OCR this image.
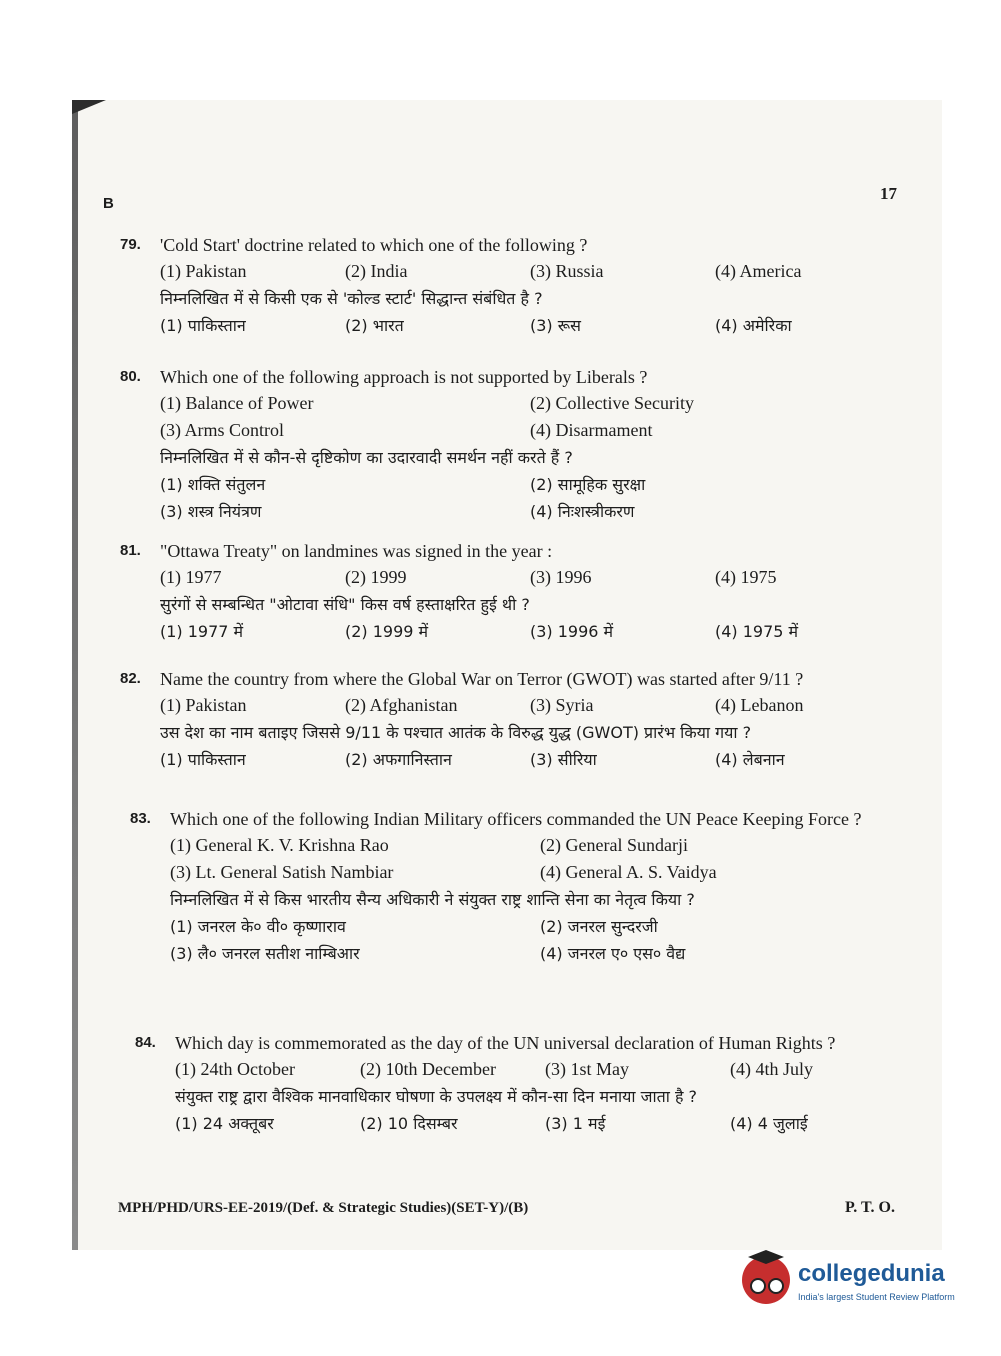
B
17
79.	'Cold Start' doctrine related to which one of the following ?
(1) Pakistan	(2) India	(3) Russia	(4) America
निम्नलिखित में से किसी एक से 'कोल्ड स्टार्ट' सिद्धान्त संबंधित है ?
(1) पाकिस्तान	(2) भारत	(3) रूस	(4) अमेरिका
80.	Which one of the following approach is not supported by Liberals ?
(1) Balance of Power	(2) Collective Security
(3) Arms Control	(4) Disarmament
निम्नलिखित में से कौन-से दृष्टिकोण का उदारवादी समर्थन नहीं करते हैं ?
(1) शक्ति संतुलन	(2) सामूहिक सुरक्षा
(3) शस्त्र नियंत्रण	(4) निःशस्त्रीकरण
81.	"Ottawa Treaty" on landmines was signed in the year :
(1) 1977	(2) 1999	(3) 1996	(4) 1975
सुरंगों से सम्बन्धित "ओटावा संधि" किस वर्ष हस्ताक्षरित हुई थी ?
(1) 1977 में	(2) 1999 में	(3) 1996 में	(4) 1975 में
82.	Name the country from where the Global War on Terror (GWOT) was started after 9/11 ?
(1) Pakistan	(2) Afghanistan	(3) Syria	(4) Lebanon
उस देश का नाम बताइए जिससे 9/11 के पश्चात आतंक के विरुद्ध युद्ध (GWOT) प्रारंभ किया गया ?
(1) पाकिस्तान	(2) अफगानिस्तान	(3) सीरिया	(4) लेबनान
83.	Which one of the following Indian Military officers commanded the UN Peace Keeping Force ?
(1) General K. V. Krishna Rao	(2) General Sundarji
(3) Lt. General Satish Nambiar	(4) General A. S. Vaidya
निम्नलिखित में से किस भारतीय सैन्य अधिकारी ने संयुक्त राष्ट्र शान्ति सेना का नेतृत्व किया ?
(1) जनरल के० वी० कृष्णाराव	(2) जनरल सुन्दरजी
(3) लै० जनरल सतीश नाम्बिआर	(4) जनरल ए० एस० वैद्य
84.	Which day is commemorated as the day of the UN universal declaration of Human Rights ?
(1) 24th October	(2) 10th December	(3) 1st May	(4) 4th July
संयुक्त राष्ट्र द्वारा वैश्विक मानवाधिकार घोषणा के उपलक्ष्य में कौन-सा दिन मनाया जाता है ?
(1) 24 अक्तूबर	(2) 10 दिसम्बर	(3) 1 मई	(4) 4 जुलाई
MPH/PHD/URS-EE-2019/(Def. & Strategic Studies)(SET-Y)/(B)	P. T. O.
collegedunia
India's largest Student Review Platform
